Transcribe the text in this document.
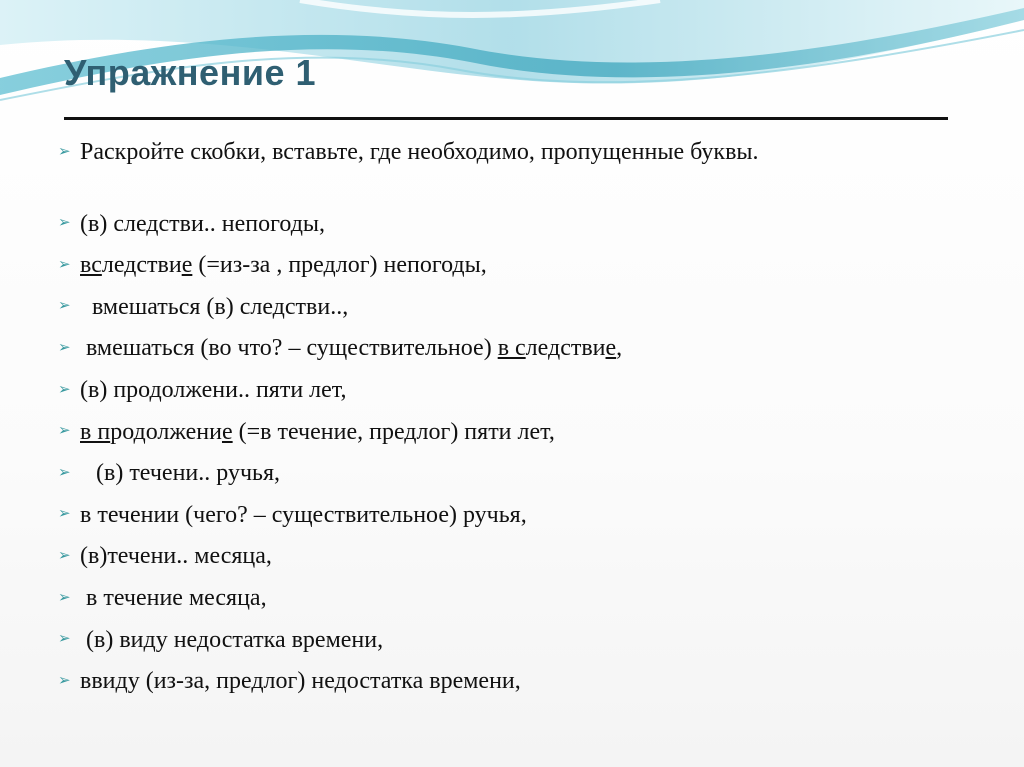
Упражнение 1
➢ Раскройте скобки, вставьте, где необходимо, пропущенные буквы.
➢ (в) следстви.. непогоды,
➢ вследствие (=из-за , предлог) непогоды,
➢ вмешаться (в) следстви..,
➢ вмешаться (во что? – существительное) в следствие,
➢ (в) продолжени.. пяти лет,
➢ в продолжение (=в течение, предлог) пяти лет,
➢ (в) течени.. ручья,
➢ в течении (чего? – существительное) ручья,
➢ (в)течени.. месяца,
➢ в течение месяца,
➢ (в) виду недостатка времени,
➢ ввиду (из-за, предлог) недостатка времени,
